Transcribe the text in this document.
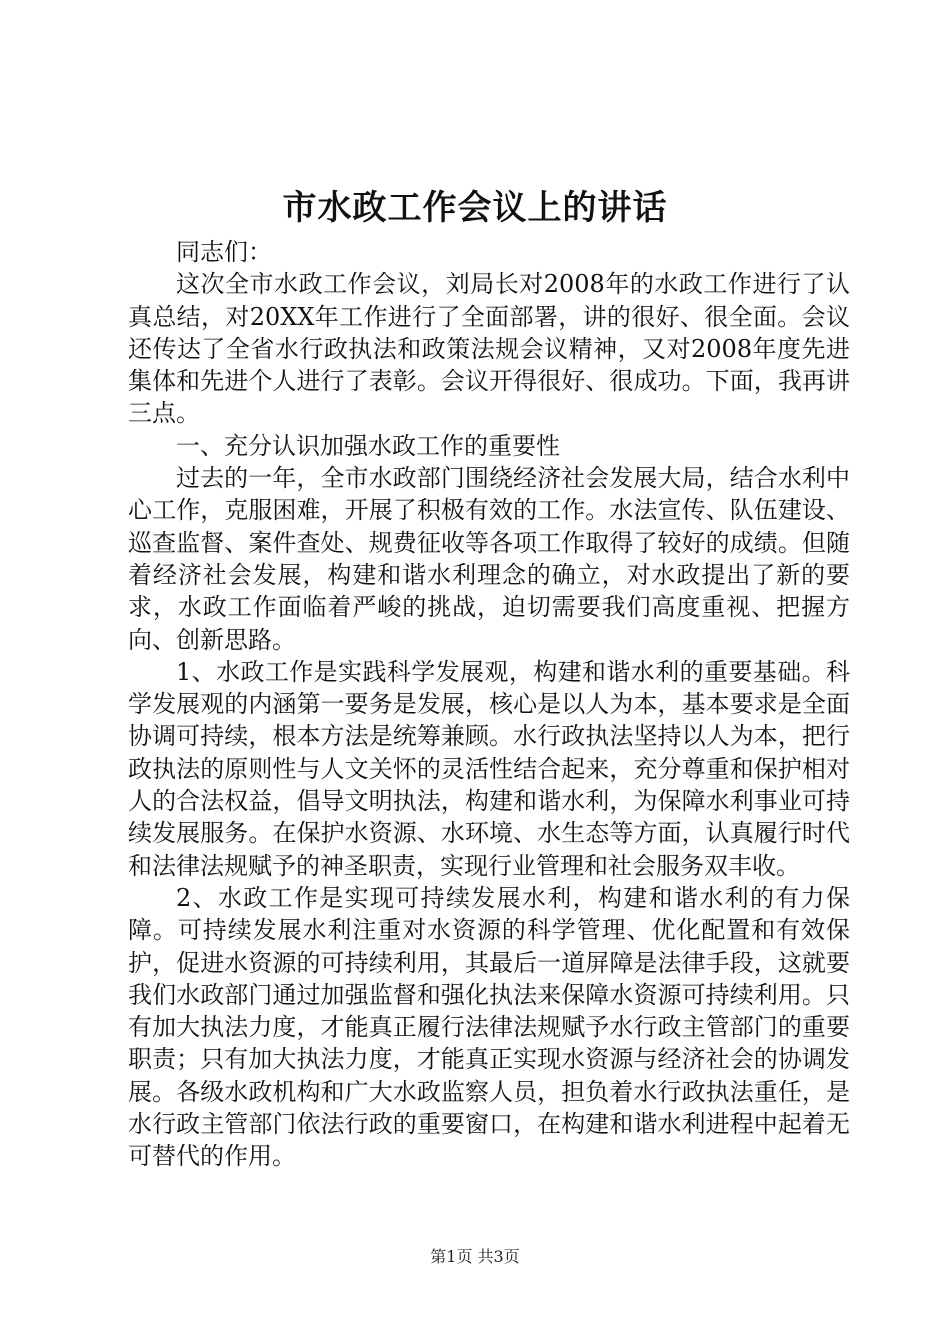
市水政工作会议上的讲话

同志们：

这次全市水政工作会议，刘局长对2008年的水政工作进行了认真总结，对20XX年工作进行了全面部署，讲的很好、很全面。会议还传达了全省水行政执法和政策法规会议精神，又对2008年度先进集体和先进个人进行了表彰。会议开得很好、很成功。下面，我再讲三点。

一、充分认识加强水政工作的重要性

过去的一年，全市水政部门围绕经济社会发展大局，结合水利中心工作，克服困难，开展了积极有效的工作。水法宣传、队伍建设、巡查监督、案件查处、规费征收等各项工作取得了较好的成绩。但随着经济社会发展，构建和谐水利理念的确立，对水政提出了新的要求，水政工作面临着严峻的挑战，迫切需要我们高度重视、把握方向、创新思路。

1、水政工作是实践科学发展观，构建和谐水利的重要基础。科学发展观的内涵第一要务是发展，核心是以人为本，基本要求是全面协调可持续，根本方法是统筹兼顾。水行政执法坚持以人为本，把行政执法的原则性与人文关怀的灵活性结合起来，充分尊重和保护相对人的合法权益，倡导文明执法，构建和谐水利，为保障水利事业可持续发展服务。在保护水资源、水环境、水生态等方面，认真履行时代和法律法规赋予的神圣职责，实现行业管理和社会服务双丰收。

2、水政工作是实现可持续发展水利，构建和谐水利的有力保障。可持续发展水利注重对水资源的科学管理、优化配置和有效保护，促进水资源的可持续利用，其最后一道屏障是法律手段，这就要我们水政部门通过加强监督和强化执法来保障水资源可持续利用。只有加大执法力度，才能真正履行法律法规赋予水行政主管部门的重要职责；只有加大执法力度，才能真正实现水资源与经济社会的协调发展。各级水政机构和广大水政监察人员，担负着水行政执法重任，是水行政主管部门依法行政的重要窗口，在构建和谐水利进程中起着无可替代的作用。

第1页 共3页
